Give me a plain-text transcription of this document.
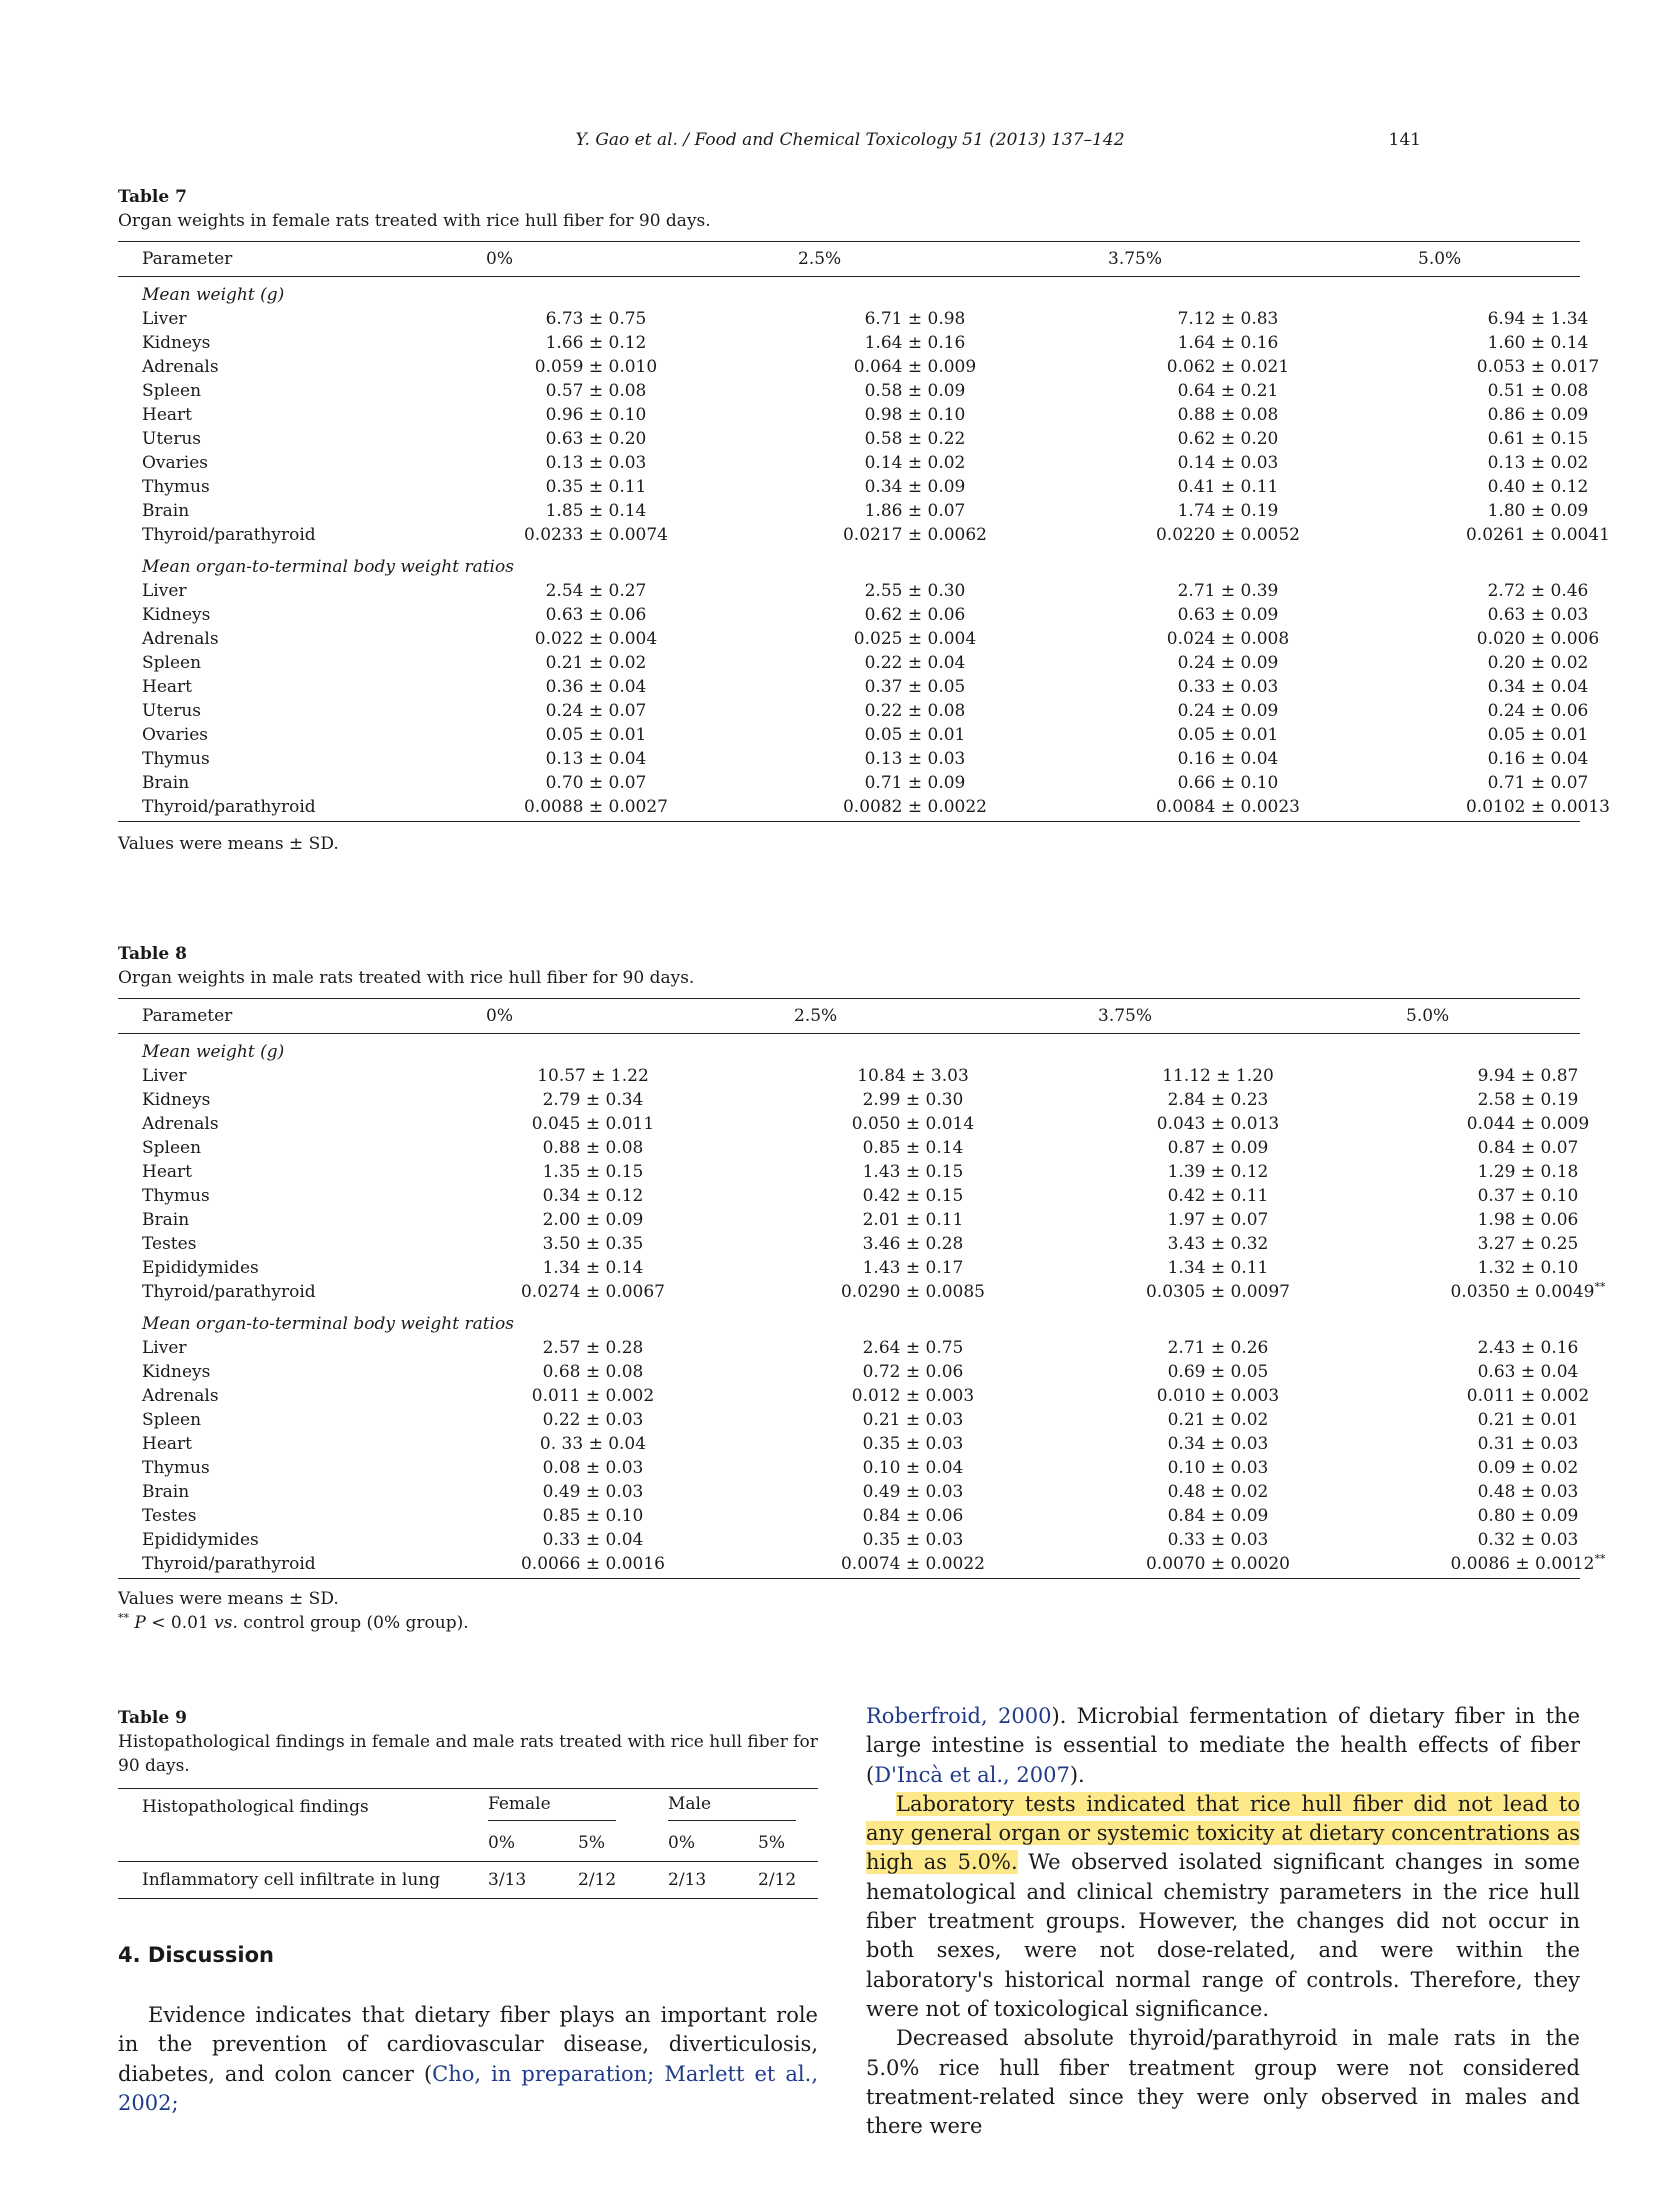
Y. Gao et al. / Food and Chemical Toxicology 51 (2013) 137–142	141
Table 7
Organ weights in female rats treated with rice hull fiber for 90 days.
Parameter	0%	2.5%	3.75%	5.0%
Mean weight (g)
Liver	6.73 ± 0.75	6.71 ± 0.98	7.12 ± 0.83	6.94 ± 1.34
Kidneys	1.66 ± 0.12	1.64 ± 0.16	1.64 ± 0.16	1.60 ± 0.14
Adrenals	0.059 ± 0.010	0.064 ± 0.009	0.062 ± 0.021	0.053 ± 0.017
Spleen	0.57 ± 0.08	0.58 ± 0.09	0.64 ± 0.21	0.51 ± 0.08
Heart	0.96 ± 0.10	0.98 ± 0.10	0.88 ± 0.08	0.86 ± 0.09
Uterus	0.63 ± 0.20	0.58 ± 0.22	0.62 ± 0.20	0.61 ± 0.15
Ovaries	0.13 ± 0.03	0.14 ± 0.02	0.14 ± 0.03	0.13 ± 0.02
Thymus	0.35 ± 0.11	0.34 ± 0.09	0.41 ± 0.11	0.40 ± 0.12
Brain	1.85 ± 0.14	1.86 ± 0.07	1.74 ± 0.19	1.80 ± 0.09
Thyroid/parathyroid	0.0233 ± 0.0074	0.0217 ± 0.0062	0.0220 ± 0.0052	0.0261 ± 0.0041
Mean organ-to-terminal body weight ratios
Liver	2.54 ± 0.27	2.55 ± 0.30	2.71 ± 0.39	2.72 ± 0.46
Kidneys	0.63 ± 0.06	0.62 ± 0.06	0.63 ± 0.09	0.63 ± 0.03
Adrenals	0.022 ± 0.004	0.025 ± 0.004	0.024 ± 0.008	0.020 ± 0.006
Spleen	0.21 ± 0.02	0.22 ± 0.04	0.24 ± 0.09	0.20 ± 0.02
Heart	0.36 ± 0.04	0.37 ± 0.05	0.33 ± 0.03	0.34 ± 0.04
Uterus	0.24 ± 0.07	0.22 ± 0.08	0.24 ± 0.09	0.24 ± 0.06
Ovaries	0.05 ± 0.01	0.05 ± 0.01	0.05 ± 0.01	0.05 ± 0.01
Thymus	0.13 ± 0.04	0.13 ± 0.03	0.16 ± 0.04	0.16 ± 0.04
Brain	0.70 ± 0.07	0.71 ± 0.09	0.66 ± 0.10	0.71 ± 0.07
Thyroid/parathyroid	0.0088 ± 0.0027	0.0082 ± 0.0022	0.0084 ± 0.0023	0.0102 ± 0.0013
Values were means ± SD.
Table 8
Organ weights in male rats treated with rice hull fiber for 90 days.
Parameter	0%	2.5%	3.75%	5.0%
Mean weight (g)
Liver	10.57 ± 1.22	10.84 ± 3.03	11.12 ± 1.20	9.94 ± 0.87
Kidneys	2.79 ± 0.34	2.99 ± 0.30	2.84 ± 0.23	2.58 ± 0.19
Adrenals	0.045 ± 0.011	0.050 ± 0.014	0.043 ± 0.013	0.044 ± 0.009
Spleen	0.88 ± 0.08	0.85 ± 0.14	0.87 ± 0.09	0.84 ± 0.07
Heart	1.35 ± 0.15	1.43 ± 0.15	1.39 ± 0.12	1.29 ± 0.18
Thymus	0.34 ± 0.12	0.42 ± 0.15	0.42 ± 0.11	0.37 ± 0.10
Brain	2.00 ± 0.09	2.01 ± 0.11	1.97 ± 0.07	1.98 ± 0.06
Testes	3.50 ± 0.35	3.46 ± 0.28	3.43 ± 0.32	3.27 ± 0.25
Epididymides	1.34 ± 0.14	1.43 ± 0.17	1.34 ± 0.11	1.32 ± 0.10
Thyroid/parathyroid	0.0274 ± 0.0067	0.0290 ± 0.0085	0.0305 ± 0.0097	0.0350 ± 0.0049**
Mean organ-to-terminal body weight ratios
Liver	2.57 ± 0.28	2.64 ± 0.75	2.71 ± 0.26	2.43 ± 0.16
Kidneys	0.68 ± 0.08	0.72 ± 0.06	0.69 ± 0.05	0.63 ± 0.04
Adrenals	0.011 ± 0.002	0.012 ± 0.003	0.010 ± 0.003	0.011 ± 0.002
Spleen	0.22 ± 0.03	0.21 ± 0.03	0.21 ± 0.02	0.21 ± 0.01
Heart	0. 33 ± 0.04	0.35 ± 0.03	0.34 ± 0.03	0.31 ± 0.03
Thymus	0.08 ± 0.03	0.10 ± 0.04	0.10 ± 0.03	0.09 ± 0.02
Brain	0.49 ± 0.03	0.49 ± 0.03	0.48 ± 0.02	0.48 ± 0.03
Testes	0.85 ± 0.10	0.84 ± 0.06	0.84 ± 0.09	0.80 ± 0.09
Epididymides	0.33 ± 0.04	0.35 ± 0.03	0.33 ± 0.03	0.32 ± 0.03
Thyroid/parathyroid	0.0066 ± 0.0016	0.0074 ± 0.0022	0.0070 ± 0.0020	0.0086 ± 0.0012**
Values were means ± SD.
** P < 0.01 vs. control group (0% group).
Table 9
Histopathological findings in female and male rats treated with rice hull fiber for 90 days.
Histopathological findings	Female		Male	

	0%	5%	0%	5%
Inflammatory cell infiltrate in lung	3/13	2/12	2/13	2/12
4. Discussion

Evidence indicates that dietary fiber plays an important role in the prevention of cardiovascular disease, diverticulosis, diabetes, and colon cancer (Cho, in preparation; Marlett et al., 2002;

Roberfroid, 2000). Microbial fermentation of dietary fiber in the large intestine is essential to mediate the health effects of fiber (D'Incà et al., 2007).

Laboratory tests indicated that rice hull fiber did not lead to any general organ or systemic toxicity at dietary concentrations as high as 5.0%. We observed isolated significant changes in some hematological and clinical chemistry parameters in the rice hull fiber treatment groups. However, the changes did not occur in both sexes, were not dose-related, and were within the laboratory's historical normal range of controls. Therefore, they were not of toxicological significance.

Decreased absolute thyroid/parathyroid in male rats in the 5.0% rice hull fiber treatment group were not considered treatment-related since they were only observed in males and there were
